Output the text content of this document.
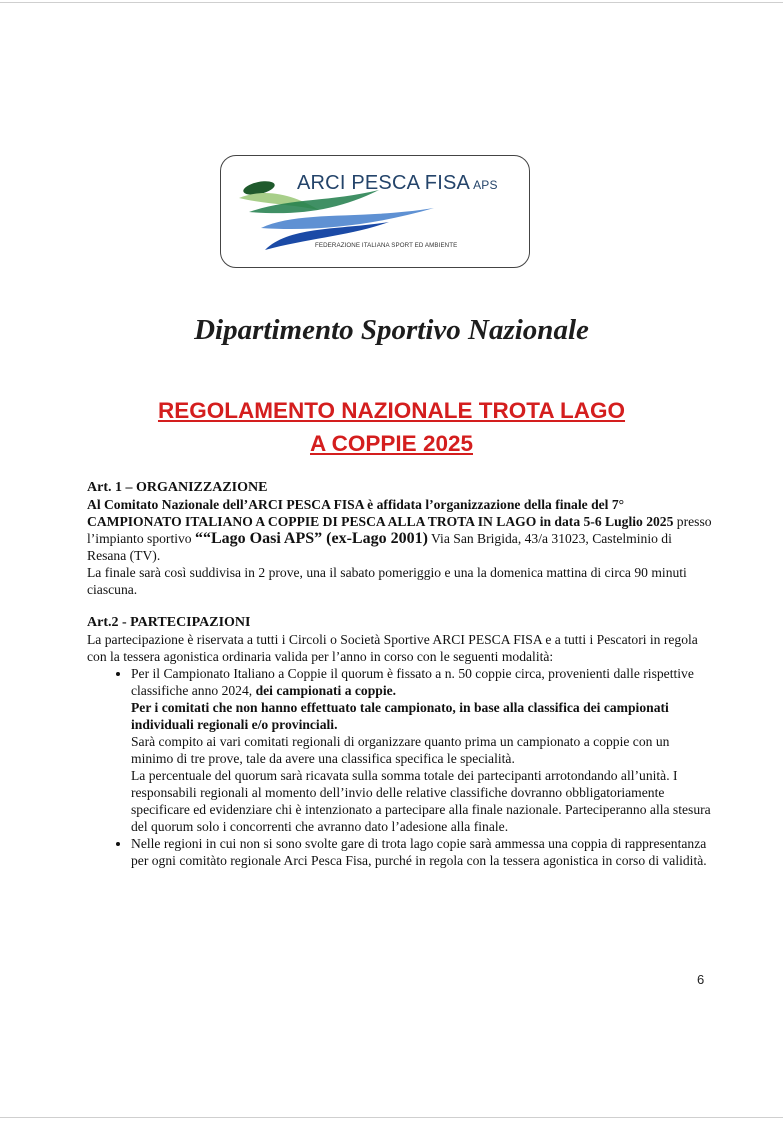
ARCI PESCA FISA APS
FEDERAZIONE ITALIANA SPORT ED AMBIENTE
Dipartimento Sportivo Nazionale
REGOLAMENTO NAZIONALE TROTA LAGO
A COPPIE 2025
Art. 1 – ORGANIZZAZIONE

Al Comitato Nazionale dell’ARCI PESCA FISA è affidata l’organizzazione della finale del 7° CAMPIONATO ITALIANO A COPPIE DI PESCA ALLA TROTA IN LAGO in data 5-6 Luglio 2025 presso l’impianto sportivo ““Lago Oasi APS” (ex-Lago 2001) Via San Brigida, 43/a 31023, Castelminio di Resana (TV).

La finale sarà così suddivisa in 2 prove, una il sabato pomeriggio e una la domenica mattina di circa 90 minuti ciascuna.

Art.2 - PARTECIPAZIONI

La partecipazione è riservata a tutti i Circoli o Società Sportive ARCI PESCA FISA e a tutti i Pescatori in regola con la tessera agonistica ordinaria valida per l’anno in corso con le seguenti modalità:

• Per il Campionato Italiano a Coppie il quorum è fissato a n. 50 coppie circa, provenienti dalle rispettive classifiche anno 2024, dei campionati a coppie.
Per i comitati che non hanno effettuato tale campionato, in base alla classifica dei campionati individuali regionali e/o provinciali.
Sarà compito ai vari comitati regionali di organizzare quanto prima un campionato a coppie con un minimo di tre prove, tale da avere una classifica specifica le specialità.
La percentuale del quorum sarà ricavata sulla somma totale dei partecipanti arrotondando all’unità. I responsabili regionali al momento dell’invio delle relative classifiche dovranno obbligatoriamente specificare ed evidenziare chi è intenzionato a partecipare alla finale nazionale. Parteciperanno alla stesura del quorum solo i concorrenti che avranno dato l’adesione alla finale.
• Nelle regioni in cui non si sono svolte gare di trota lago copie sarà ammessa una coppia di rappresentanza per ogni comitàto regionale Arci Pesca Fisa, purché in regola con la tessera agonistica in corso di validità.
6
